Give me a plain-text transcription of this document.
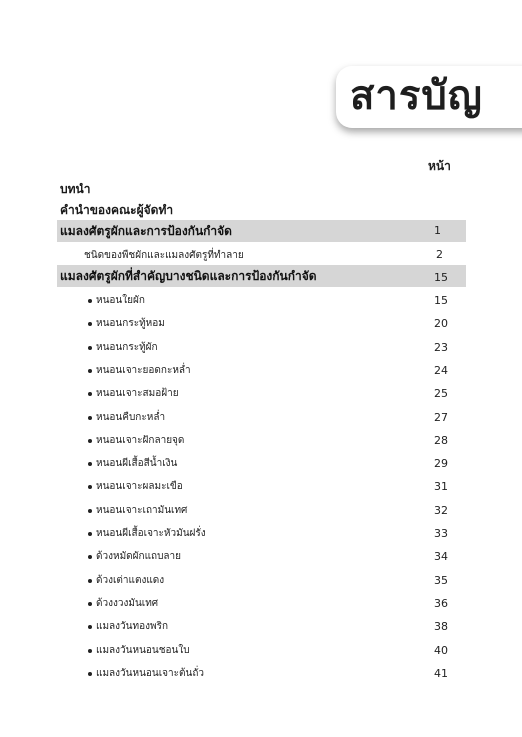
สารบัญ
หน้า
บทนำ
คำนำของคณะผู้จัดทำ
แมลงศัตรูผักและการป้องกันกำจัด	1
ชนิดของพืชผักและแมลงศัตรูที่ทำลาย	2
แมลงศัตรูผักที่สำคัญบางชนิดและการป้องกันกำจัด	15
หนอนใยผัก	15
หนอนกระทู้หอม	20
หนอนกระทู้ผัก	23
หนอนเจาะยอดกะหล่ำ	24
หนอนเจาะสมอฝ้าย	25
หนอนคืบกะหล่ำ	27
หนอนเจาะฝักลายจุด	28
หนอนผีเสื้อสีน้ำเงิน	29
หนอนเจาะผลมะเขือ	31
หนอนเจาะเถามันเทศ	32
หนอนผีเสื้อเจาะหัวมันฝรั่ง	33
ด้วงหมัดผักแถบลาย	34
ด้วงเต่าแตงแดง	35
ด้วงงวงมันเทศ	36
แมลงวันทองพริก	38
แมลงวันหนอนชอนใบ	40
แมลงวันหนอนเจาะต้นถั่ว	41
